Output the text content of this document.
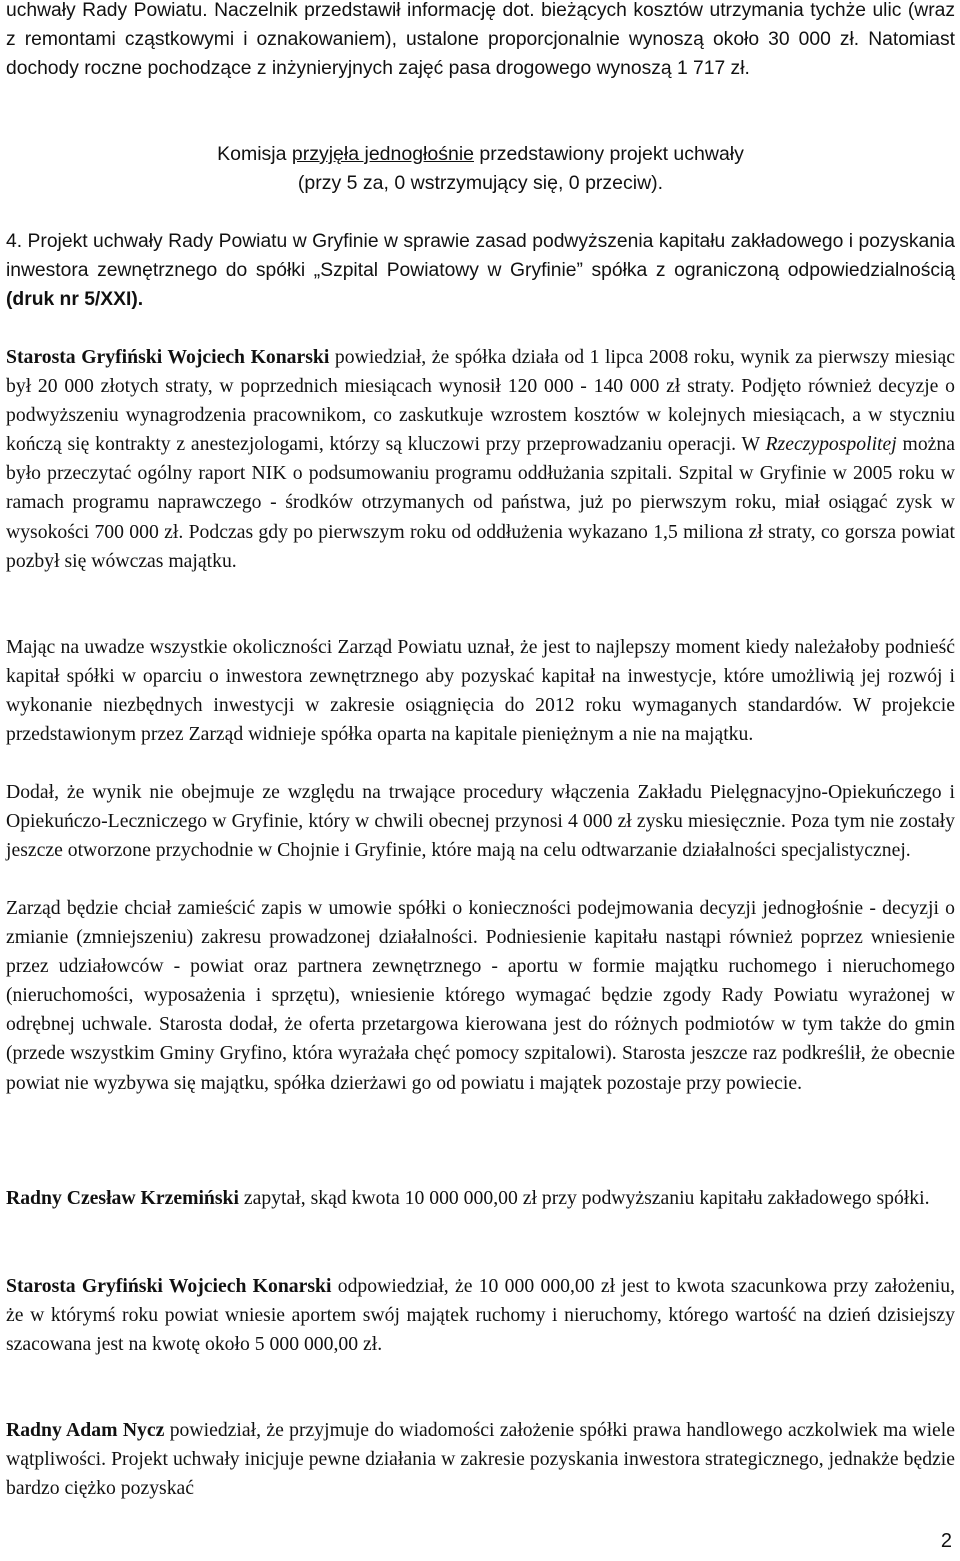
uchwały Rady Powiatu. Naczelnik przedstawił informację dot. bieżących kosztów utrzymania tychże ulic (wraz z remontami cząstkowymi i oznakowaniem), ustalone proporcjonalnie wynoszą około 30 000 zł. Natomiast dochody roczne pochodzące z inżynieryjnych zajęć pasa drogowego wynoszą 1 717 zł.

Komisja przyjęła jednogłośnie przedstawiony projekt uchwały
(przy 5 za, 0 wstrzymujący się, 0 przeciw).

4. Projekt uchwały Rady Powiatu w Gryfinie w sprawie zasad podwyższenia kapitału zakładowego i pozyskania inwestora zewnętrznego do spółki „Szpital Powiatowy w Gryfinie” spółka z ograniczoną odpowiedzialnością (druk nr 5/XXI).

Starosta Gryfiński Wojciech Konarski powiedział, że spółka działa od 1 lipca 2008 roku, wynik za pierwszy miesiąc był 20 000 złotych straty, w poprzednich miesiącach wynosił 120 000 - 140 000 zł straty. Podjęto również decyzje o podwyższeniu wynagrodzenia pracownikom, co zaskutkuje wzrostem kosztów w kolejnych miesiącach, a w styczniu kończą się kontrakty z anestezjologami, którzy są kluczowi przy przeprowadzaniu operacji. W Rzeczypospolitej można było przeczytać ogólny raport NIK o podsumowaniu programu oddłużania szpitali. Szpital w Gryfinie w 2005 roku w ramach programu naprawczego - środków otrzymanych od państwa, już po pierwszym roku, miał osiągać zysk w wysokości 700 000 zł. Podczas gdy po pierwszym roku od oddłużenia wykazano 1,5 miliona zł straty, co gorsza powiat pozbył się wówczas majątku.

Mając na uwadze wszystkie okoliczności Zarząd Powiatu uznał, że jest to najlepszy moment kiedy należałoby podnieść kapitał spółki w oparciu o inwestora zewnętrznego aby pozyskać kapitał na inwestycje, które umożliwią jej rozwój i wykonanie niezbędnych inwestycji w zakresie osiągnięcia do 2012 roku wymaganych standardów. W projekcie przedstawionym przez Zarząd widnieje spółka oparta na kapitale pieniężnym a nie na majątku.

Dodał, że wynik nie obejmuje ze względu na trwające procedury włączenia Zakładu Pielęgnacyjno-Opiekuńczego i Opiekuńczo-Leczniczego w Gryfinie, który w chwili obecnej przynosi 4 000 zł zysku miesięcznie. Poza tym nie zostały jeszcze otworzone przychodnie w Chojnie i Gryfinie, które mają na celu odtwarzanie działalności specjalistycznej.

Zarząd będzie chciał zamieścić zapis w umowie spółki o konieczności podejmowania decyzji jednogłośnie - decyzji o zmianie (zmniejszeniu) zakresu prowadzonej działalności. Podniesienie kapitału nastąpi również poprzez wniesienie przez udziałowców - powiat oraz partnera zewnętrznego - aportu w formie majątku ruchomego i nieruchomego (nieruchomości, wyposażenia i sprzętu), wniesienie którego wymagać będzie zgody Rady Powiatu wyrażonej w odrębnej uchwale. Starosta dodał, że oferta przetargowa kierowana jest do różnych podmiotów w tym także do gmin (przede wszystkim Gminy Gryfino, która wyrażała chęć pomocy szpitalowi). Starosta jeszcze raz podkreślił, że obecnie powiat nie wyzbywa się majątku, spółka dzierżawi go od powiatu i majątek pozostaje przy powiecie.

Radny Czesław Krzemiński zapytał, skąd kwota 10 000 000,00 zł przy podwyższaniu kapitału zakładowego spółki.

Starosta Gryfiński Wojciech Konarski odpowiedział, że 10 000 000,00 zł jest to kwota szacunkowa przy założeniu, że w którymś roku powiat wniesie aportem swój majątek ruchomy i nieruchomy, którego wartość na dzień dzisiejszy szacowana jest na kwotę około 5 000 000,00 zł.

Radny Adam Nycz powiedział, że przyjmuje do wiadomości założenie spółki prawa handlowego aczkolwiek ma wiele wątpliwości. Projekt uchwały inicjuje pewne działania w zakresie pozyskania inwestora strategicznego, jednakże będzie bardzo ciężko pozyskać

2
